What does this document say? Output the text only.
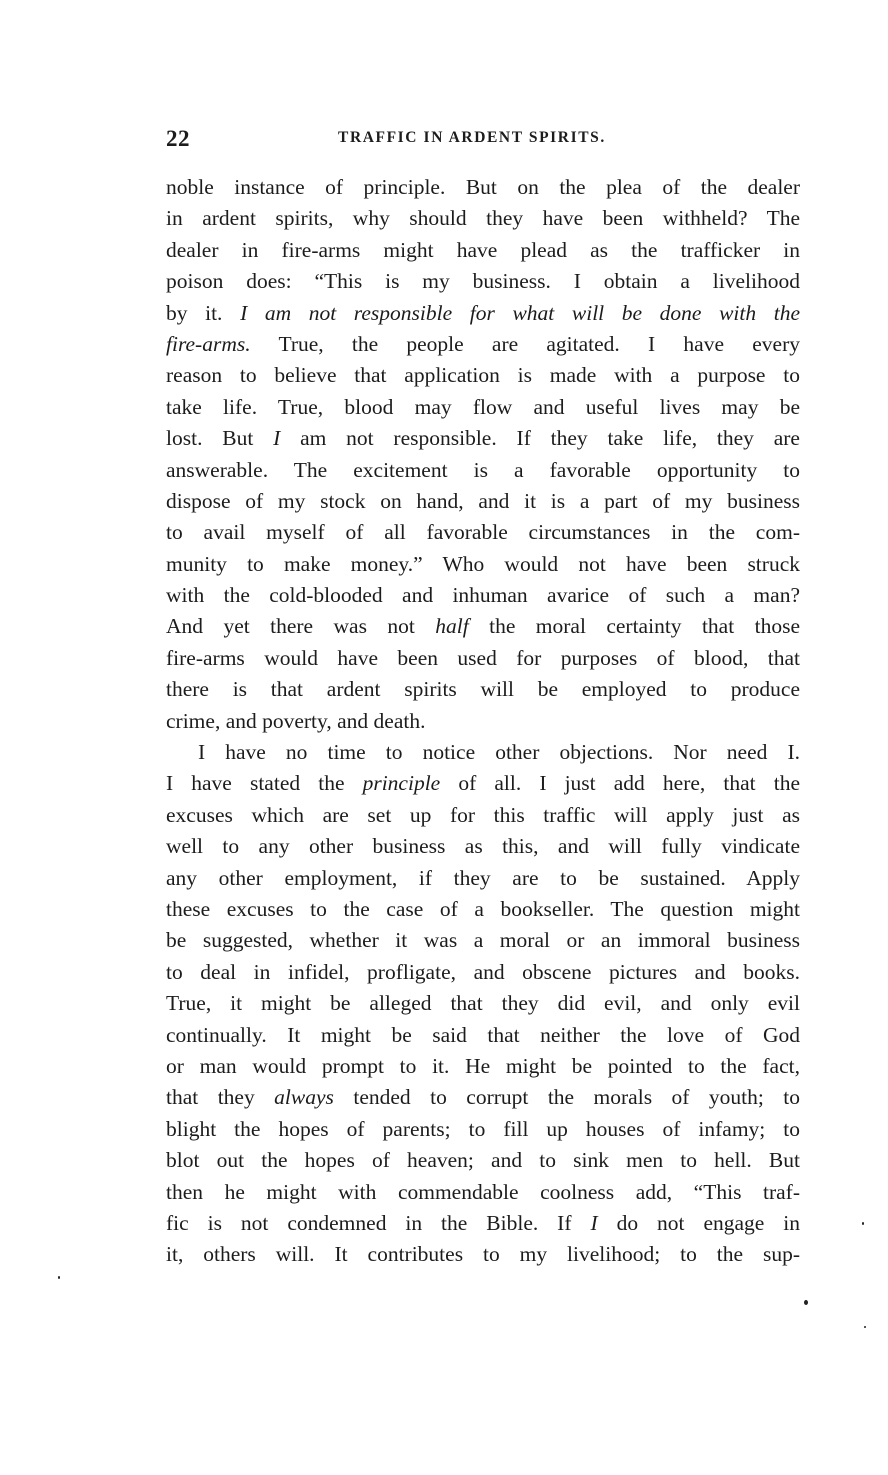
22	TRAFFIC IN ARDENT SPIRITS.
noble instance of principle. But on the plea of the dealer
in ardent spirits, why should they have been withheld? The
dealer in fire-arms might have plead as the trafficker in
poison does: “This is my business. I obtain a livelihood
by it. I am not responsible for what will be done with the
fire-arms. True, the people are agitated. I have every
reason to believe that application is made with a purpose to
take life. True, blood may flow and useful lives may be
lost. But I am not responsible. If they take life, they are
answerable. The excitement is a favorable opportunity to
dispose of my stock on hand, and it is a part of my business
to avail myself of all favorable circumstances in the com-
munity to make money.” Who would not have been struck
with the cold-blooded and inhuman avarice of such a man?
And yet there was not half the moral certainty that those
fire-arms would have been used for purposes of blood, that
there is that ardent spirits will be employed to produce
crime, and poverty, and death.
I have no time to notice other objections. Nor need I.
I have stated the principle of all. I just add here, that the
excuses which are set up for this traffic will apply just as
well to any other business as this, and will fully vindicate
any other employment, if they are to be sustained. Apply
these excuses to the case of a bookseller. The question might
be suggested, whether it was a moral or an immoral business
to deal in infidel, profligate, and obscene pictures and books.
True, it might be alleged that they did evil, and only evil
continually. It might be said that neither the love of God
or man would prompt to it. He might be pointed to the fact,
that they always tended to corrupt the morals of youth; to
blight the hopes of parents; to fill up houses of infamy; to
blot out the hopes of heaven; and to sink men to hell. But
then he might with commendable coolness add, “This traf-
fic is not condemned in the Bible. If I do not engage in
it, others will. It contributes to my livelihood; to the sup-
